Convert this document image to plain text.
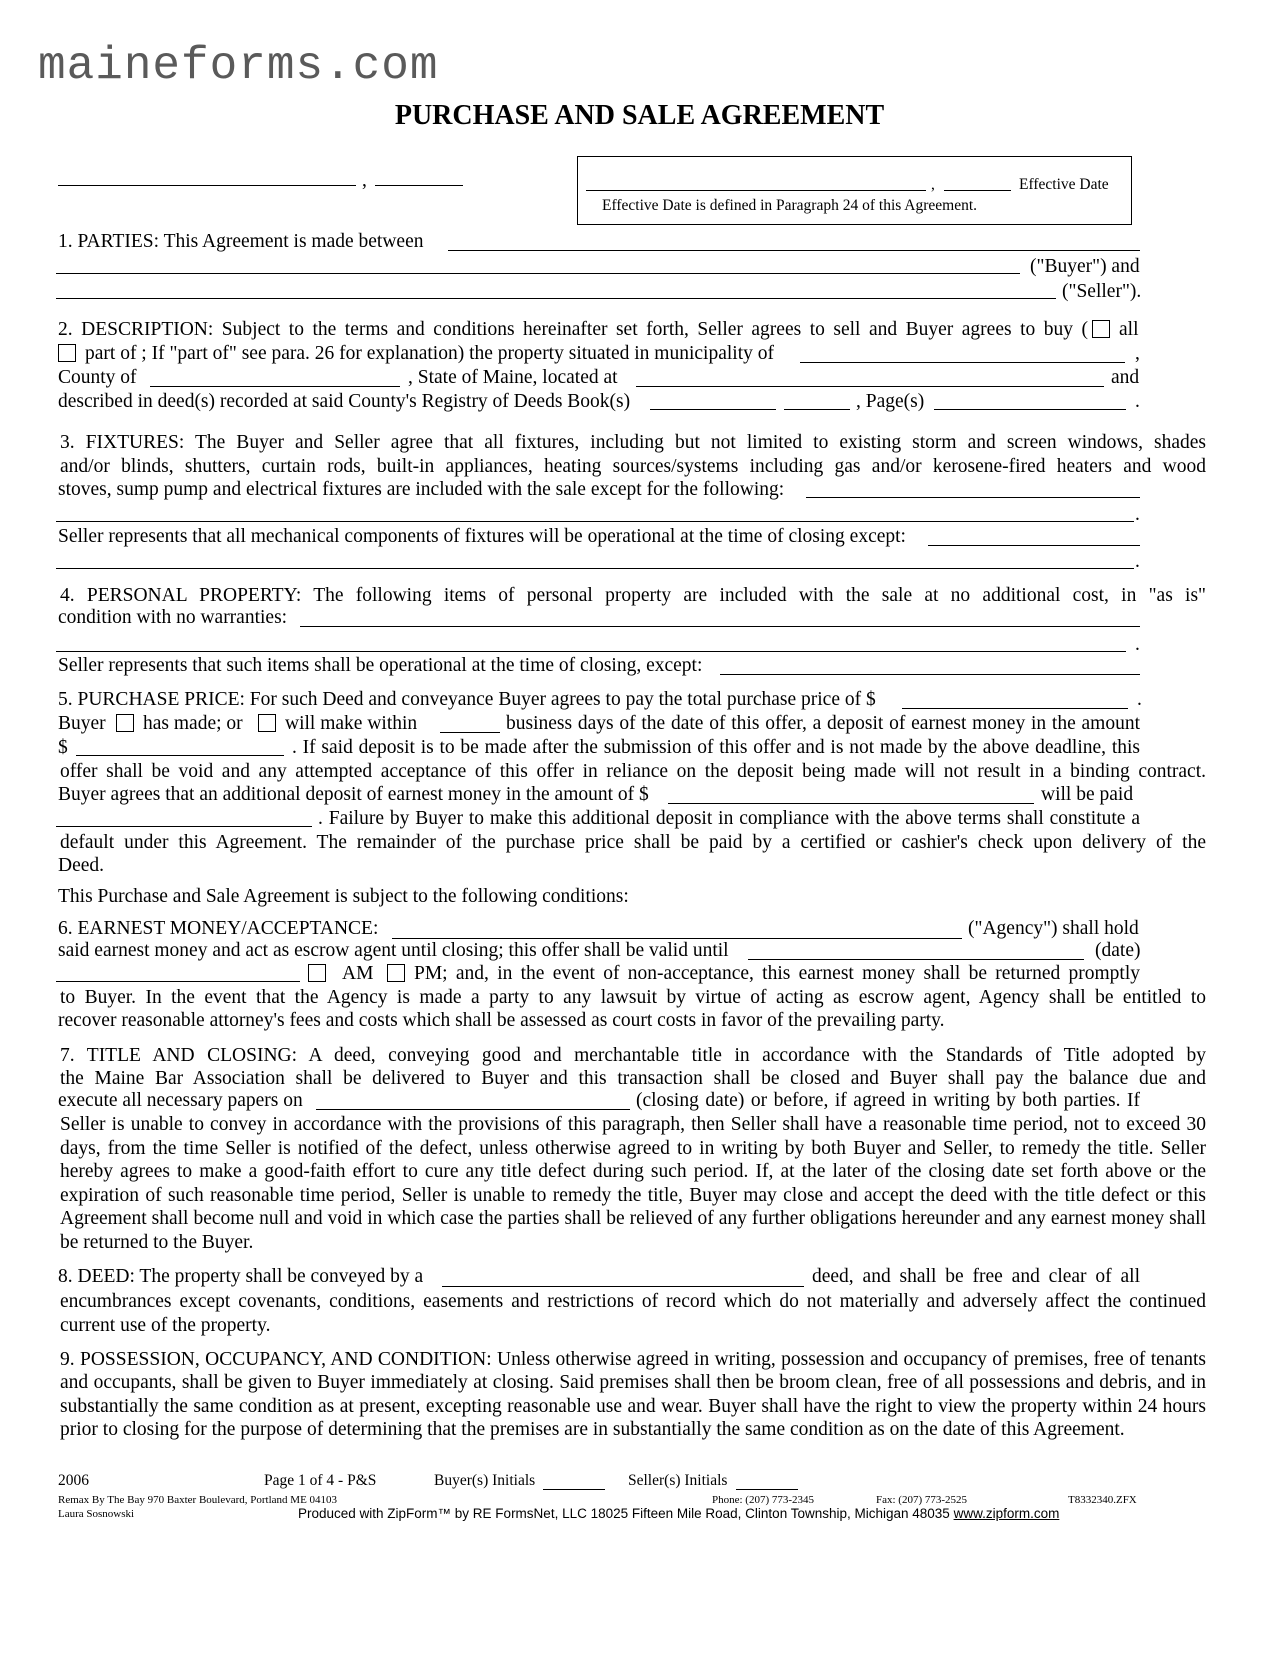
maineforms.com
PURCHASE AND SALE AGREEMENT
,	,	Effective Date
Effective Date is defined in Paragraph 24 of this Agreement.
1. PARTIES: This Agreement is made between
("Buyer") and
("Seller").
2. DESCRIPTION: Subject to the terms and conditions hereinafter set forth, Seller agrees to sell and Buyer agrees to buy ( all
part of ; If "part of" see para. 26 for explanation) the property situated in municipality of	,
County of	, State of Maine, located at	and
described in deed(s) recorded at said County's Registry of Deeds Book(s)	, Page(s)	.
3. FIXTURES: The Buyer and Seller agree that all fixtures, including but not limited to existing storm and screen windows, shades
and/or blinds, shutters, curtain rods, built-in appliances, heating sources/systems including gas and/or kerosene-fired heaters and wood
stoves, sump pump and electrical fixtures are included with the sale except for the following:
.
Seller represents that all mechanical components of fixtures will be operational at the time of closing except:
.
4. PERSONAL PROPERTY: The following items of personal property are included with the sale at no additional cost, in "as is"
condition with no warranties:
.
Seller represents that such items shall be operational at the time of closing, except:
5. PURCHASE PRICE: For such Deed and conveyance Buyer agrees to pay the total purchase price of $	.
Buyer has made; or will make within	business days of the date of this offer, a deposit of earnest money in the amount
$	. If said deposit is to be made after the submission of this offer and is not made by the above deadline, this
offer shall be void and any attempted acceptance of this offer in reliance on the deposit being made will not result in a binding contract.
Buyer agrees that an additional deposit of earnest money in the amount of $	will be paid
. Failure by Buyer to make this additional deposit in compliance with the above terms shall constitute a
default under this Agreement. The remainder of the purchase price shall be paid by a certified or cashier's check upon delivery of the
Deed.
This Purchase and Sale Agreement is subject to the following conditions:
6. EARNEST MONEY/ACCEPTANCE:	("Agency") shall hold
said earnest money and act as escrow agent until closing; this offer shall be valid until	(date)
AM PM; and, in the event of non-acceptance, this earnest money shall be returned promptly
to Buyer. In the event that the Agency is made a party to any lawsuit by virtue of acting as escrow agent, Agency shall be entitled to
recover reasonable attorney's fees and costs which shall be assessed as court costs in favor of the prevailing party.
7. TITLE AND CLOSING: A deed, conveying good and merchantable title in accordance with the Standards of Title adopted by
the Maine Bar Association shall be delivered to Buyer and this transaction shall be closed and Buyer shall pay the balance due and
execute all necessary papers on	(closing date) or before, if agreed in writing by both parties. If
Seller is unable to convey in accordance with the provisions of this paragraph, then Seller shall have a reasonable time period, not to exceed 30 days, from the time Seller is notified of the defect, unless otherwise agreed to in writing by both Buyer and Seller, to remedy the title. Seller hereby agrees to make a good-faith effort to cure any title defect during such period. If, at the later of the closing date set forth above or the expiration of such reasonable time period, Seller is unable to remedy the title, Buyer may close and accept the deed with the title defect or this Agreement shall become null and void in which case the parties shall be relieved of any further obligations hereunder and any earnest money shall be returned to the Buyer.
8. DEED: The property shall be conveyed by a	deed, and shall be free and clear of all
encumbrances except covenants, conditions, easements and restrictions of record which do not materially and adversely affect the continued current use of the property.
9. POSSESSION, OCCUPANCY, AND CONDITION: Unless otherwise agreed in writing, possession and occupancy of premises, free of tenants and occupants, shall be given to Buyer immediately at closing. Said premises shall then be broom clean, free of all possessions and debris, and in substantially the same condition as at present, excepting reasonable use and wear. Buyer shall have the right to view the property within 24 hours prior to closing for the purpose of determining that the premises are in substantially the same condition as on the date of this Agreement.
2006	Page 1 of 4 - P&S	Buyer(s) Initials	Seller(s) Initials
Remax By The Bay 970 Baxter Boulevard, Portland ME 04103
Laura Sosnowski
Phone: (207) 773-2345	Fax: (207) 773-2525	T8332340.ZFX
Produced with ZipForm™ by RE FormsNet, LLC 18025 Fifteen Mile Road, Clinton Township, Michigan 48035 www.zipform.com
